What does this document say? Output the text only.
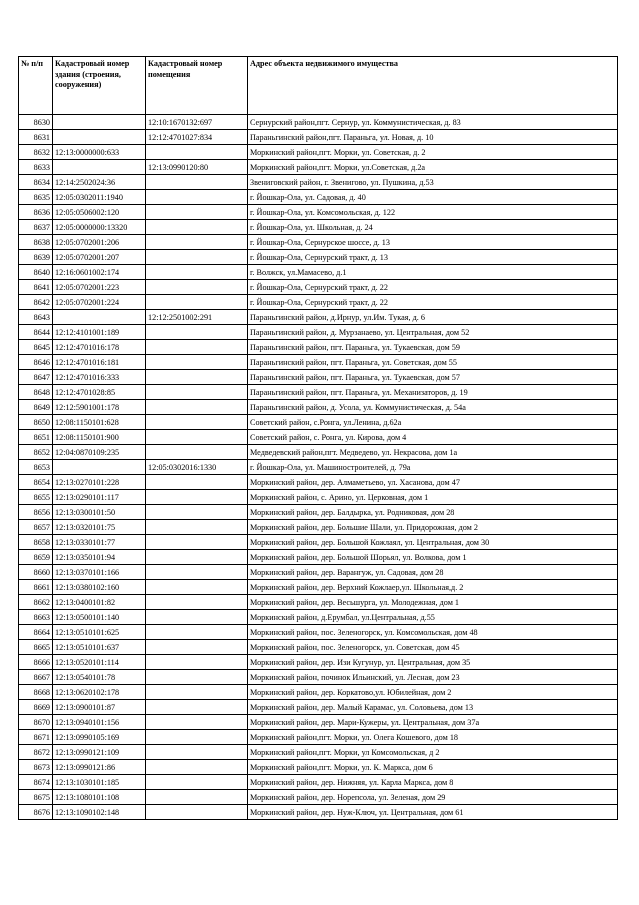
№ п/п	Кадастровый номер здания (строения, сооружения)	Кадастровый номер помещения	Адрес объекта недвижимого имущества
8630		12:10:1670132:697	Сернурский район,пгт. Сернур, ул. Коммунистическая, д. 83
8631		12:12:4701027:834	Параньгинский район,пгт. Параньга, ул. Новая, д. 10
8632	12:13:0000000:633		Моркинский район,пгт. Морки, ул. Советская, д. 2
8633		12:13:0990120:80	Моркинский район,пгт. Морки, ул.Советская, д.2а
8634	12:14:2502024:36		Звениговский район, г. Звенигово, ул. Пушкина, д.53
8635	12:05:0302011:1940		г. Йошкар-Ола, ул. Садовая, д. 40
8636	12:05:0506002:120		г. Йошкар-Ола, ул. Комсомольская, д. 122
8637	12:05:0000000:13320		г. Йошкар-Ола, ул. Школьная, д. 24
8638	12:05:0702001:206		г. Йошкар-Ола, Сернурское шоссе, д. 13
8639	12:05:0702001:207		г. Йошкар-Ола, Сернурский тракт, д. 13
8640	12:16:0601002:174		г. Волжск, ул.Мамасево, д.1
8641	12:05:0702001:223		г. Йошкар-Ола, Сернурский тракт, д. 22
8642	12:05:0702001:224		г. Йошкар-Ола, Сернурский тракт, д. 22
8643		12:12:2501002:291	Параньгинский район, д.Ирнур, ул.Им. Тукая, д. 6
8644	12:12:4101001:189		Параньгинский район, д. Мурзанаево, ул. Центральная, дом 52
8645	12:12:4701016:178		Параньгинский район, пгт. Параньга, ул. Тукаевская, дом 59
8646	12:12:4701016:181		Параньгинский район, пгт. Параньга, ул. Советская, дом 55
8647	12:12:4701016:333		Параньгинский район, пгт. Параньга, ул. Тукаевская, дом 57
8648	12:12:4701028:85		Параньгинский район, пгт. Параньга, ул. Механизаторов, д. 19
8649	12:12:5901001:178		Параньгинский район, д. Усола, ул. Коммунистическая, д. 54а
8650	12:08:1150101:628		Советский район, с.Ронга, ул.Ленина, д.62а
8651	12:08:1150101:900		Советский район, с. Ронга, ул. Кирова, дом 4
8652	12:04:0870109:235		Медведевский район,пгт. Медведево, ул. Некрасова, дом 1а
8653		12:05:0302016:1330	г. Йошкар-Ола, ул. Машиностроителей, д. 79а
8654	12:13:0270101:228		Моркинский район, дер. Алмаметьево, ул. Хасанова, дом 47
8655	12:13:0290101:117		Моркинский район, с. Арино, ул. Церковная, дом 1
8656	12:13:0300101:50		Моркинский район, дер. Балдырка, ул. Родниковая, дом 28
8657	12:13:0320101:75		Моркинский район, дер. Большие Шали, ул. Придорожная, дом 2
8658	12:13:0330101:77		Моркинский район, дер. Большой Кожлаял, ул. Центральная, дом 30
8659	12:13:0350101:94		Моркинский район, дер. Большой Шорьял, ул. Волкова, дом 1
8660	12:13:0370101:166		Моркинский район, дер. Варангуж, ул. Садовая, дом 28
8661	12:13:0380102:160		Моркинский район, дер. Верхний Кожлаер,ул. Школьная,д. 2
8662	12:13:0400101:82		Моркинский район, дер. Весьшурга, ул. Молодежная, дом 1
8663	12:13:0500101:140		Моркинский район, д.Ерумбал, ул.Центральная, д.55
8664	12:13:0510101:625		Моркинский район, пос. Зеленогорск, ул. Комсомольская, дом 48
8665	12:13:0510101:637		Моркинский район, пос. Зеленогорск, ул. Советская, дом 45
8666	12:13:0520101:114		Моркинский район, дер. Изи Кугунур, ул. Центральная, дом 35
8667	12:13:0540101:78		Моркинский район, починок Ильинский, ул. Лесная, дом 23
8668	12:13:0620102:178		Моркинский район, дер. Коркатово,ул. Юбилейная, дом 2
8669	12:13:0900101:87		Моркинский район, дер. Малый Карамас, ул. Соловьева, дом 13
8670	12:13:0940101:156		Моркинский район, дер. Мари-Кужеры, ул. Центральная, дом 37а
8671	12:13:0990105:169		Моркинский район,пгт. Морки, ул. Олега Кошевого, дом 18
8672	12:13:0990121:109		Моркинский район,пгт. Морки, ул Комсомольская, д 2
8673	12:13:0990121:86		Моркинский район,пгт. Морки, ул. К. Маркса, дом 6
8674	12:13:1030101:185		Моркинский район, дер. Нижняя, ул. Карла Маркса, дом 8
8675	12:13:1080101:108		Моркинский район, дер. Норепсола, ул. Зеленая, дом 29
8676	12:13:1090102:148		Моркинский район, дер. Нуж-Ключ, ул. Центральная, дом 61
